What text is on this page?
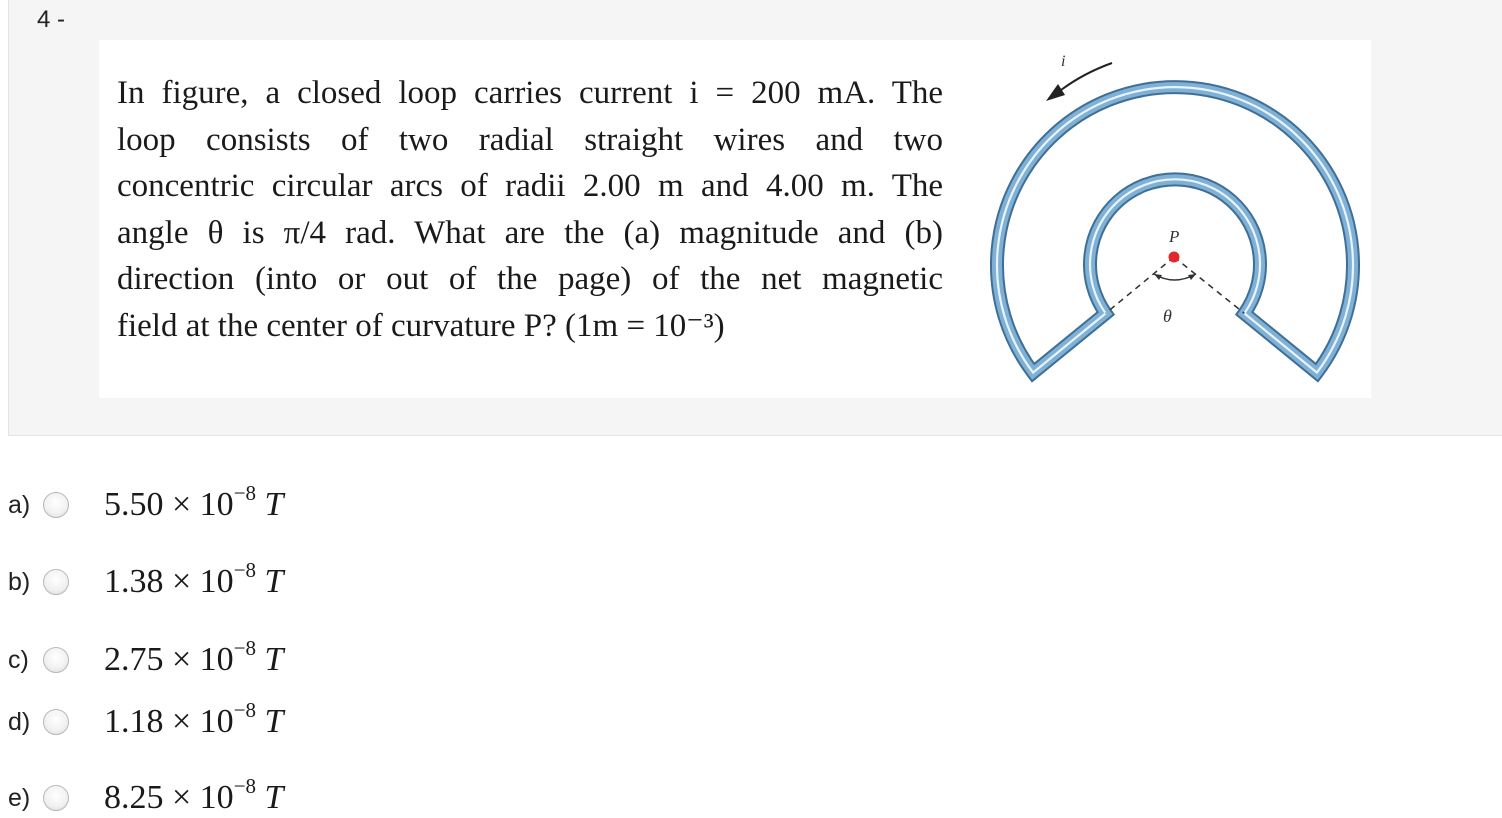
4 -
In figure, a closed loop carries current i = 200 mA. The
loop consists of two radial straight wires and two
concentric circular arcs of radii 2.00 m and 4.00 m. The
angle θ is π/4 rad. What are the (a) magnitude and (b)
direction (into or out of the page) of the net magnetic
field at the center of curvature P? (1m = 10⁻³)
i
P
θ
a) $5.50 \times 10^{-8}$ T
b) $1.38 \times 10^{-8}$ T
c) $2.75 \times 10^{-8}$ T
d) $1.18 \times 10^{-8}$ T
e) $8.25 \times 10^{-8}$ T
